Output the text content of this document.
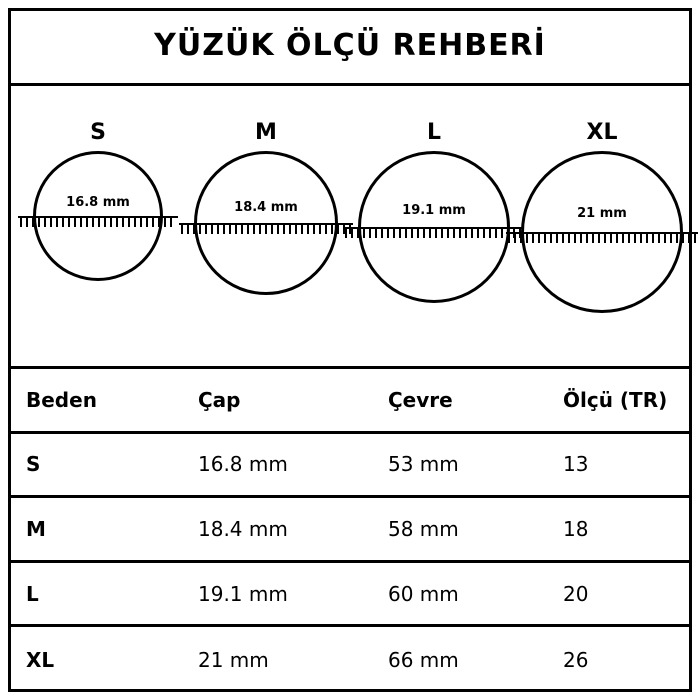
YÜZÜK ÖLÇÜ REHBERİ
S
16.8 mm
M
18.4 mm
L
19.1 mm
XL
21 mm
Beden	Çap	Çevre	Ölçü (TR)
S	16.8 mm	53 mm	13
M	18.4 mm	58 mm	18
L	19.1 mm	60 mm	20
XL	21 mm	66 mm	26
